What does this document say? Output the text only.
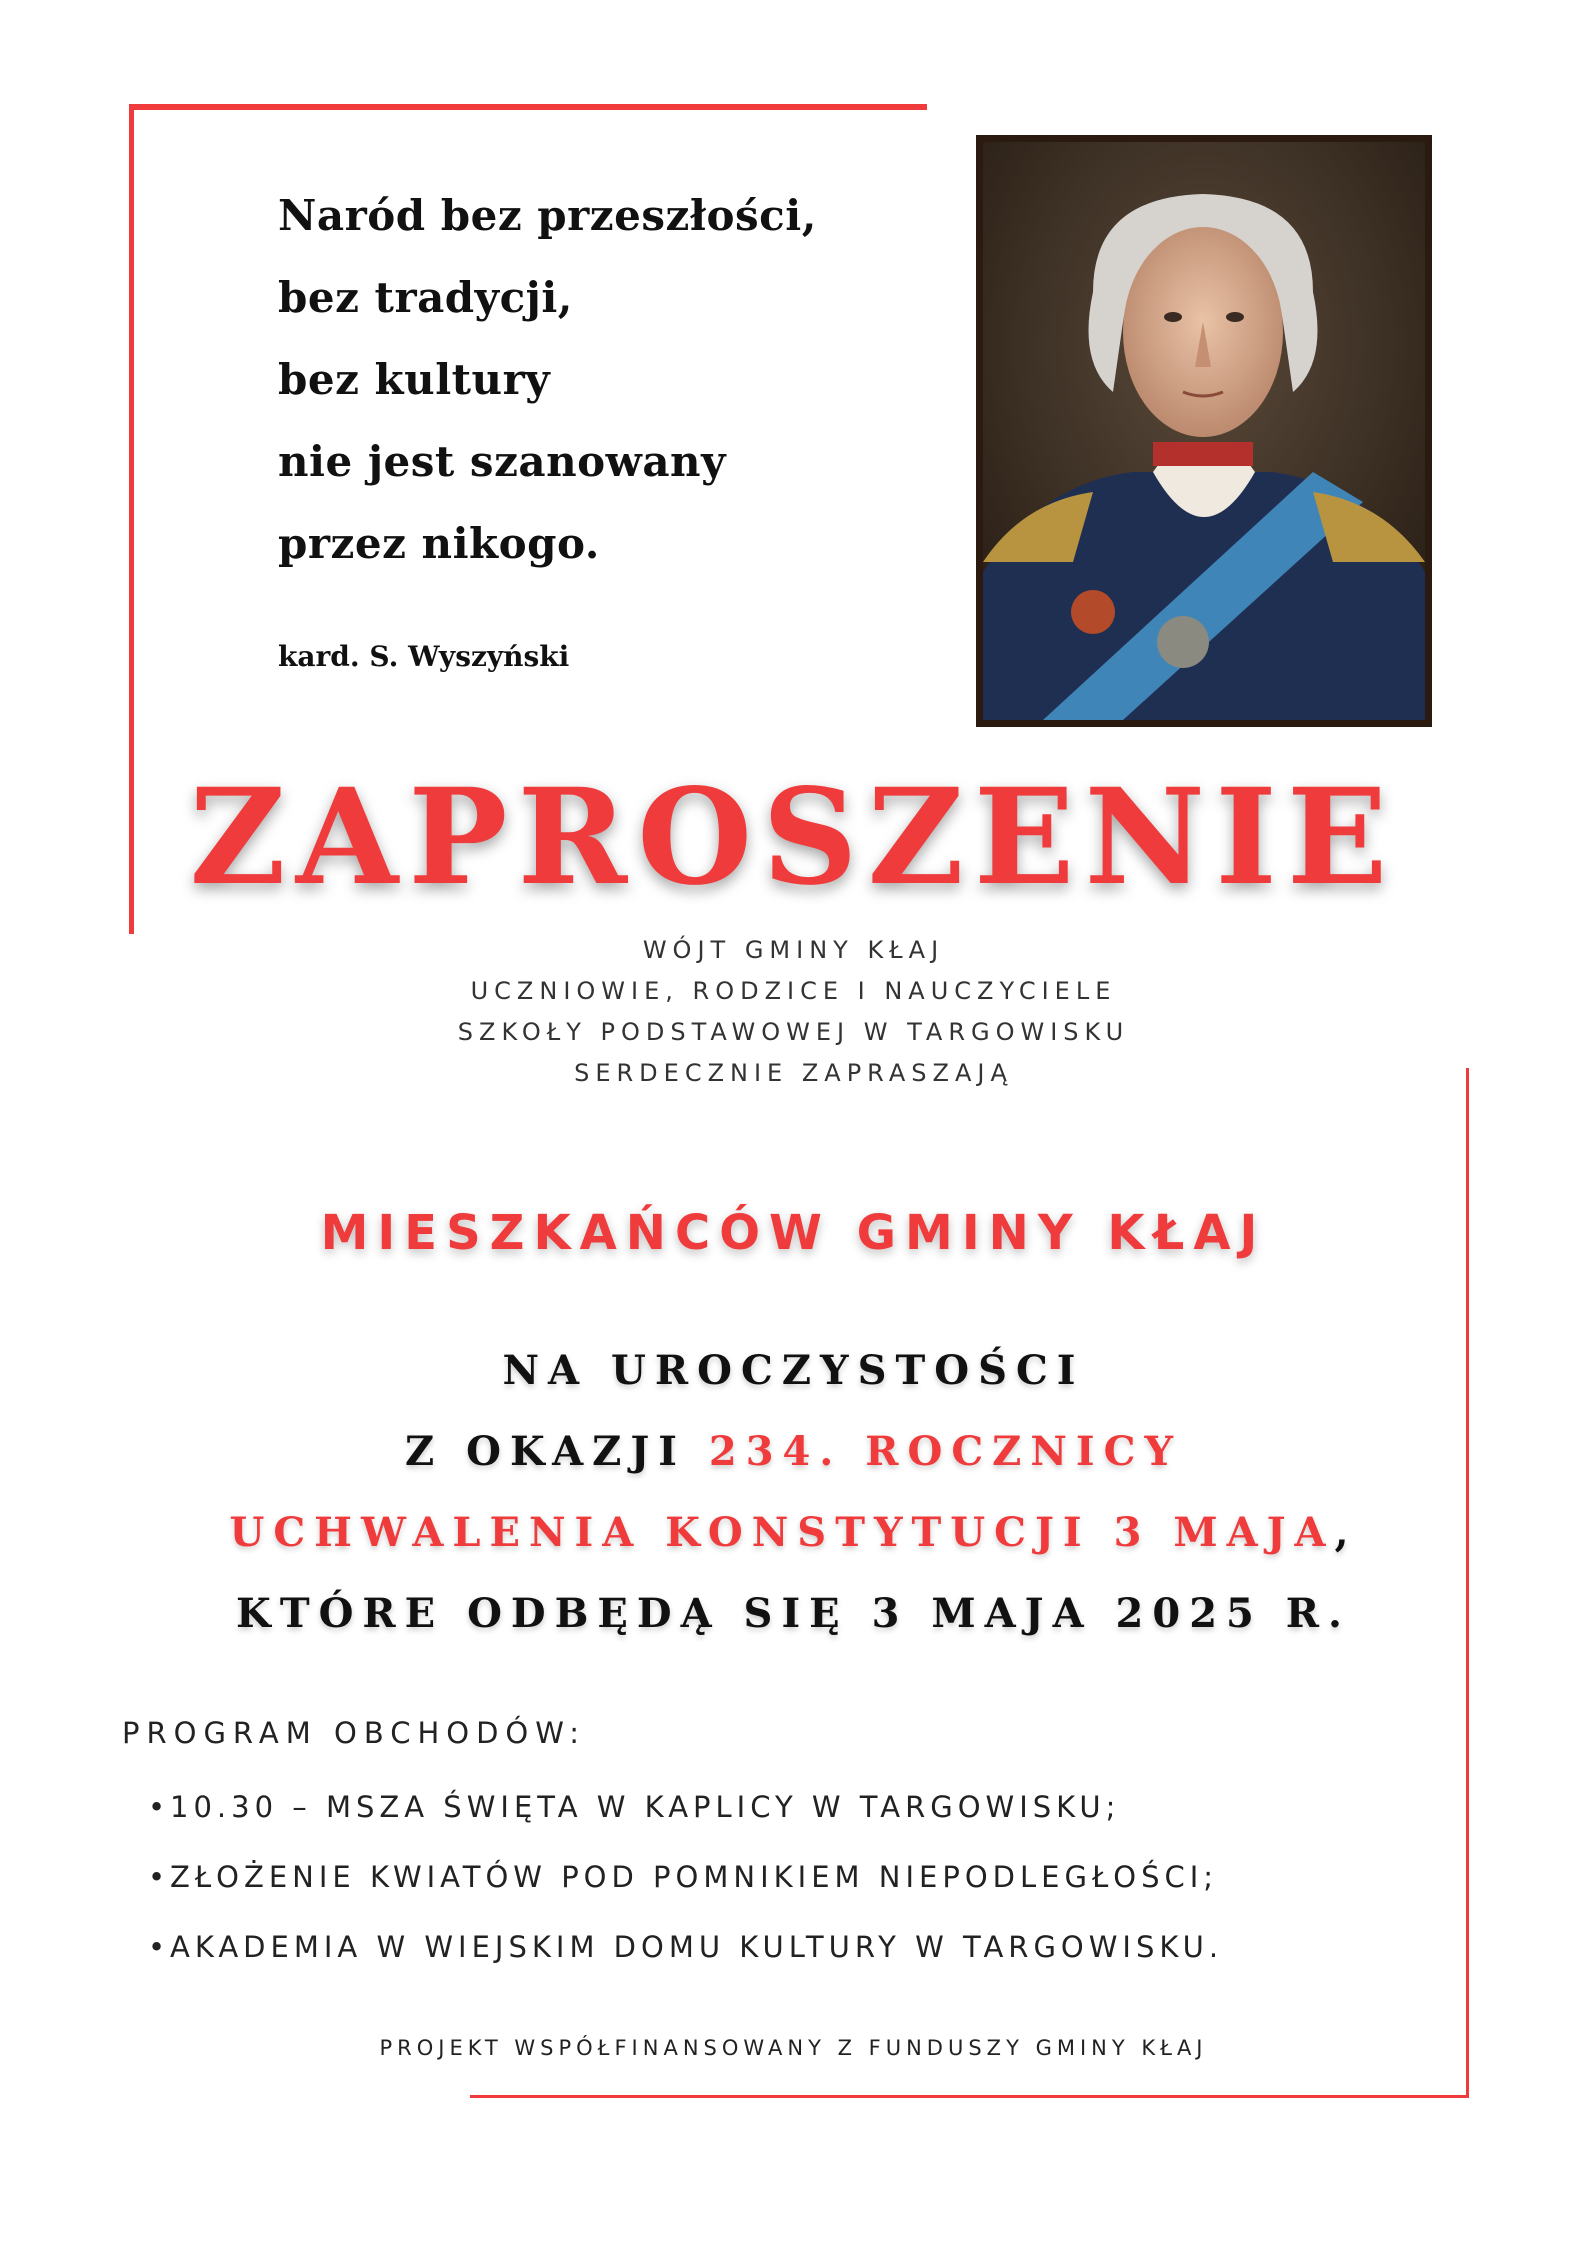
Naród bez przeszłości,
bez tradycji,
bez kultury
nie jest szanowany
przez nikogo.
kard. S. Wyszyński
ZAPROSZENIE
WÓJT GMINY KŁAJ
UCZNIOWIE, RODZICE I NAUCZYCIELE
SZKOŁY PODSTAWOWEJ W TARGOWISKU
SERDECZNIE ZAPRASZAJĄ
MIESZKAŃCÓW GMINY KŁAJ
NA UROCZYSTOŚCI
Z OKAZJI 234. ROCZNICY
UCHWALENIA KONSTYTUCJI 3 MAJA,
KTÓRE ODBĘDĄ SIĘ 3 MAJA 2025 R.
PROGRAM OBCHODÓW:
• 10.30 – MSZA ŚWIĘTA W KAPLICY W TARGOWISKU;
• ZŁOŻENIE KWIATÓW POD POMNIKIEM NIEPODLEGŁOŚCI;
• AKADEMIA W WIEJSKIM DOMU KULTURY W TARGOWISKU.
PROJEKT WSPÓŁFINANSOWANY Z FUNDUSZY GMINY KŁAJ
